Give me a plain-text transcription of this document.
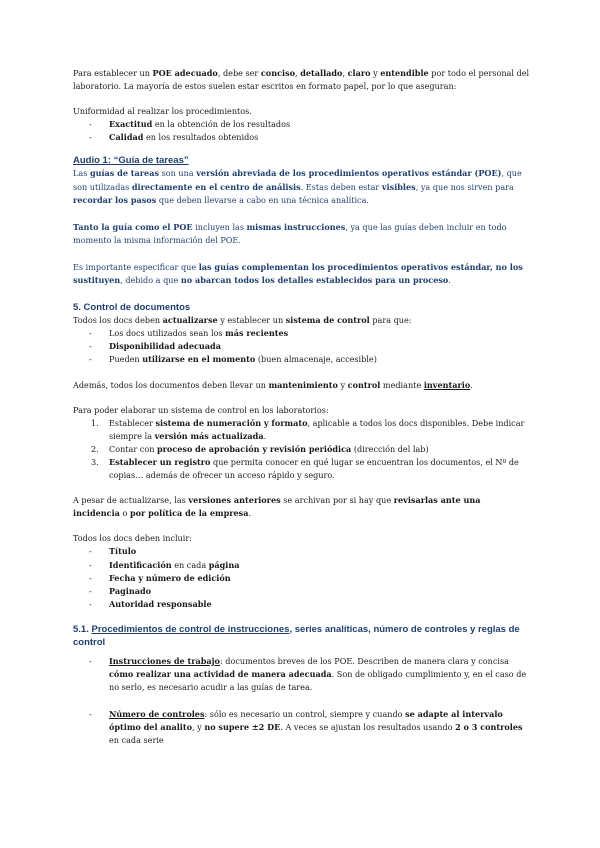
Para establecer un POE adecuado, debe ser conciso, detallado, claro y entendible por todo el personal del laboratorio. La mayoría de estos suelen estar escritos en formato papel, por lo que aseguran:

Uniformidad al realizar los procedimientos.

- Exactitud en la obtención de los resultados
- Calidad en los resultados obtenidos
Audio 1: “Guía de tareas”

Las guías de tareas son una versión abreviada de los procedimientos operativos estándar (POE), que son utilizadas directamente en el centro de análisis. Estas deben estar visibles, ya que nos sirven para recordar los pasos que deben llevarse a cabo en una técnica analítica.

Tanto la guía como el POE incluyen las mismas instrucciones, ya que las guías deben incluir en todo momento la misma información del POE.

Es importante especificar que las guías complementan los procedimientos operativos estándar, no los sustituyen, debido a que no abarcan todos los detalles establecidos para un proceso.

5. Control de documentos

Todos los docs deben actualizarse y establecer un sistema de control para que:

- Los docs utilizados sean los más recientes
- Disponibilidad adecuada
- Pueden utilizarse en el momento (buen almacenaje, accesible)

Además, todos los documentos deben llevar un mantenimiento y control mediante inventario.

Para poder elaborar un sistema de control en los laboratorios:

1. Establecer sistema de numeración y formato, aplicable a todos los docs disponibles. Debe indicar siempre la versión más actualizada.
2. Contar con proceso de aprobación y revisión periódica (dirección del lab)
3. Establecer un registro que permita conocer en qué lugar se encuentran los documentos, el Nº de copias… además de ofrecer un acceso rápido y seguro.

A pesar de actualizarse, las versiones anteriores se archivan por si hay que revisarlas ante una incidencia o por política de la empresa.

Todos los docs deben incluir:

- Título
- Identificación en cada página
- Fecha y número de edición
- Paginado
- Autoridad responsable
5.1. Procedimientos de control de instrucciones, series analíticas, número de controles y reglas de control

- Instrucciones de trabajo: documentos breves de los POE. Describen de manera clara y concisa cómo realizar una actividad de manera adecuada. Son de obligado cumplimiento y, en el caso de no serlo, es necesario acudir a las guías de tarea.

- Número de controles: sólo es necesario un control, siempre y cuando se adapte al intervalo óptimo del analito, y no supere ±2 DE. A veces se ajustan los resultados usando 2 o 3 controles en cada serie
